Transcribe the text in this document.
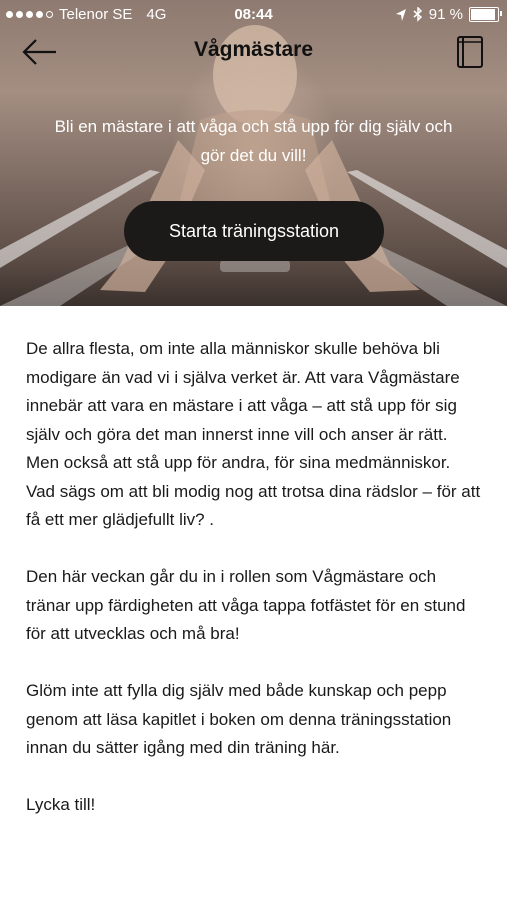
Telenor SE 4G	08:44	91 %
Vågmästare
Bli en mästare i att våga och stå upp för dig själv och gör det du vill!
Starta träningsstation

De allra flesta, om inte alla människor skulle behöva bli modigare än vad vi i själva verket är. Att vara Vågmästare innebär att vara en mästare i att våga – att stå upp för sig själv och göra det man innerst inne vill och anser är rätt. Men också att stå upp för andra, för sina medmänniskor. Vad sägs om att bli modig nog att trotsa dina rädslor – för att få ett mer glädjefullt liv? .

Den här veckan går du in i rollen som Vågmästare och tränar upp färdigheten att våga tappa fotfästet för en stund för att utvecklas och må bra!

Glöm inte att fylla dig själv med både kunskap och pepp genom att läsa kapitlet i boken om denna träningsstation innan du sätter igång med din träning här.

Lycka till!
